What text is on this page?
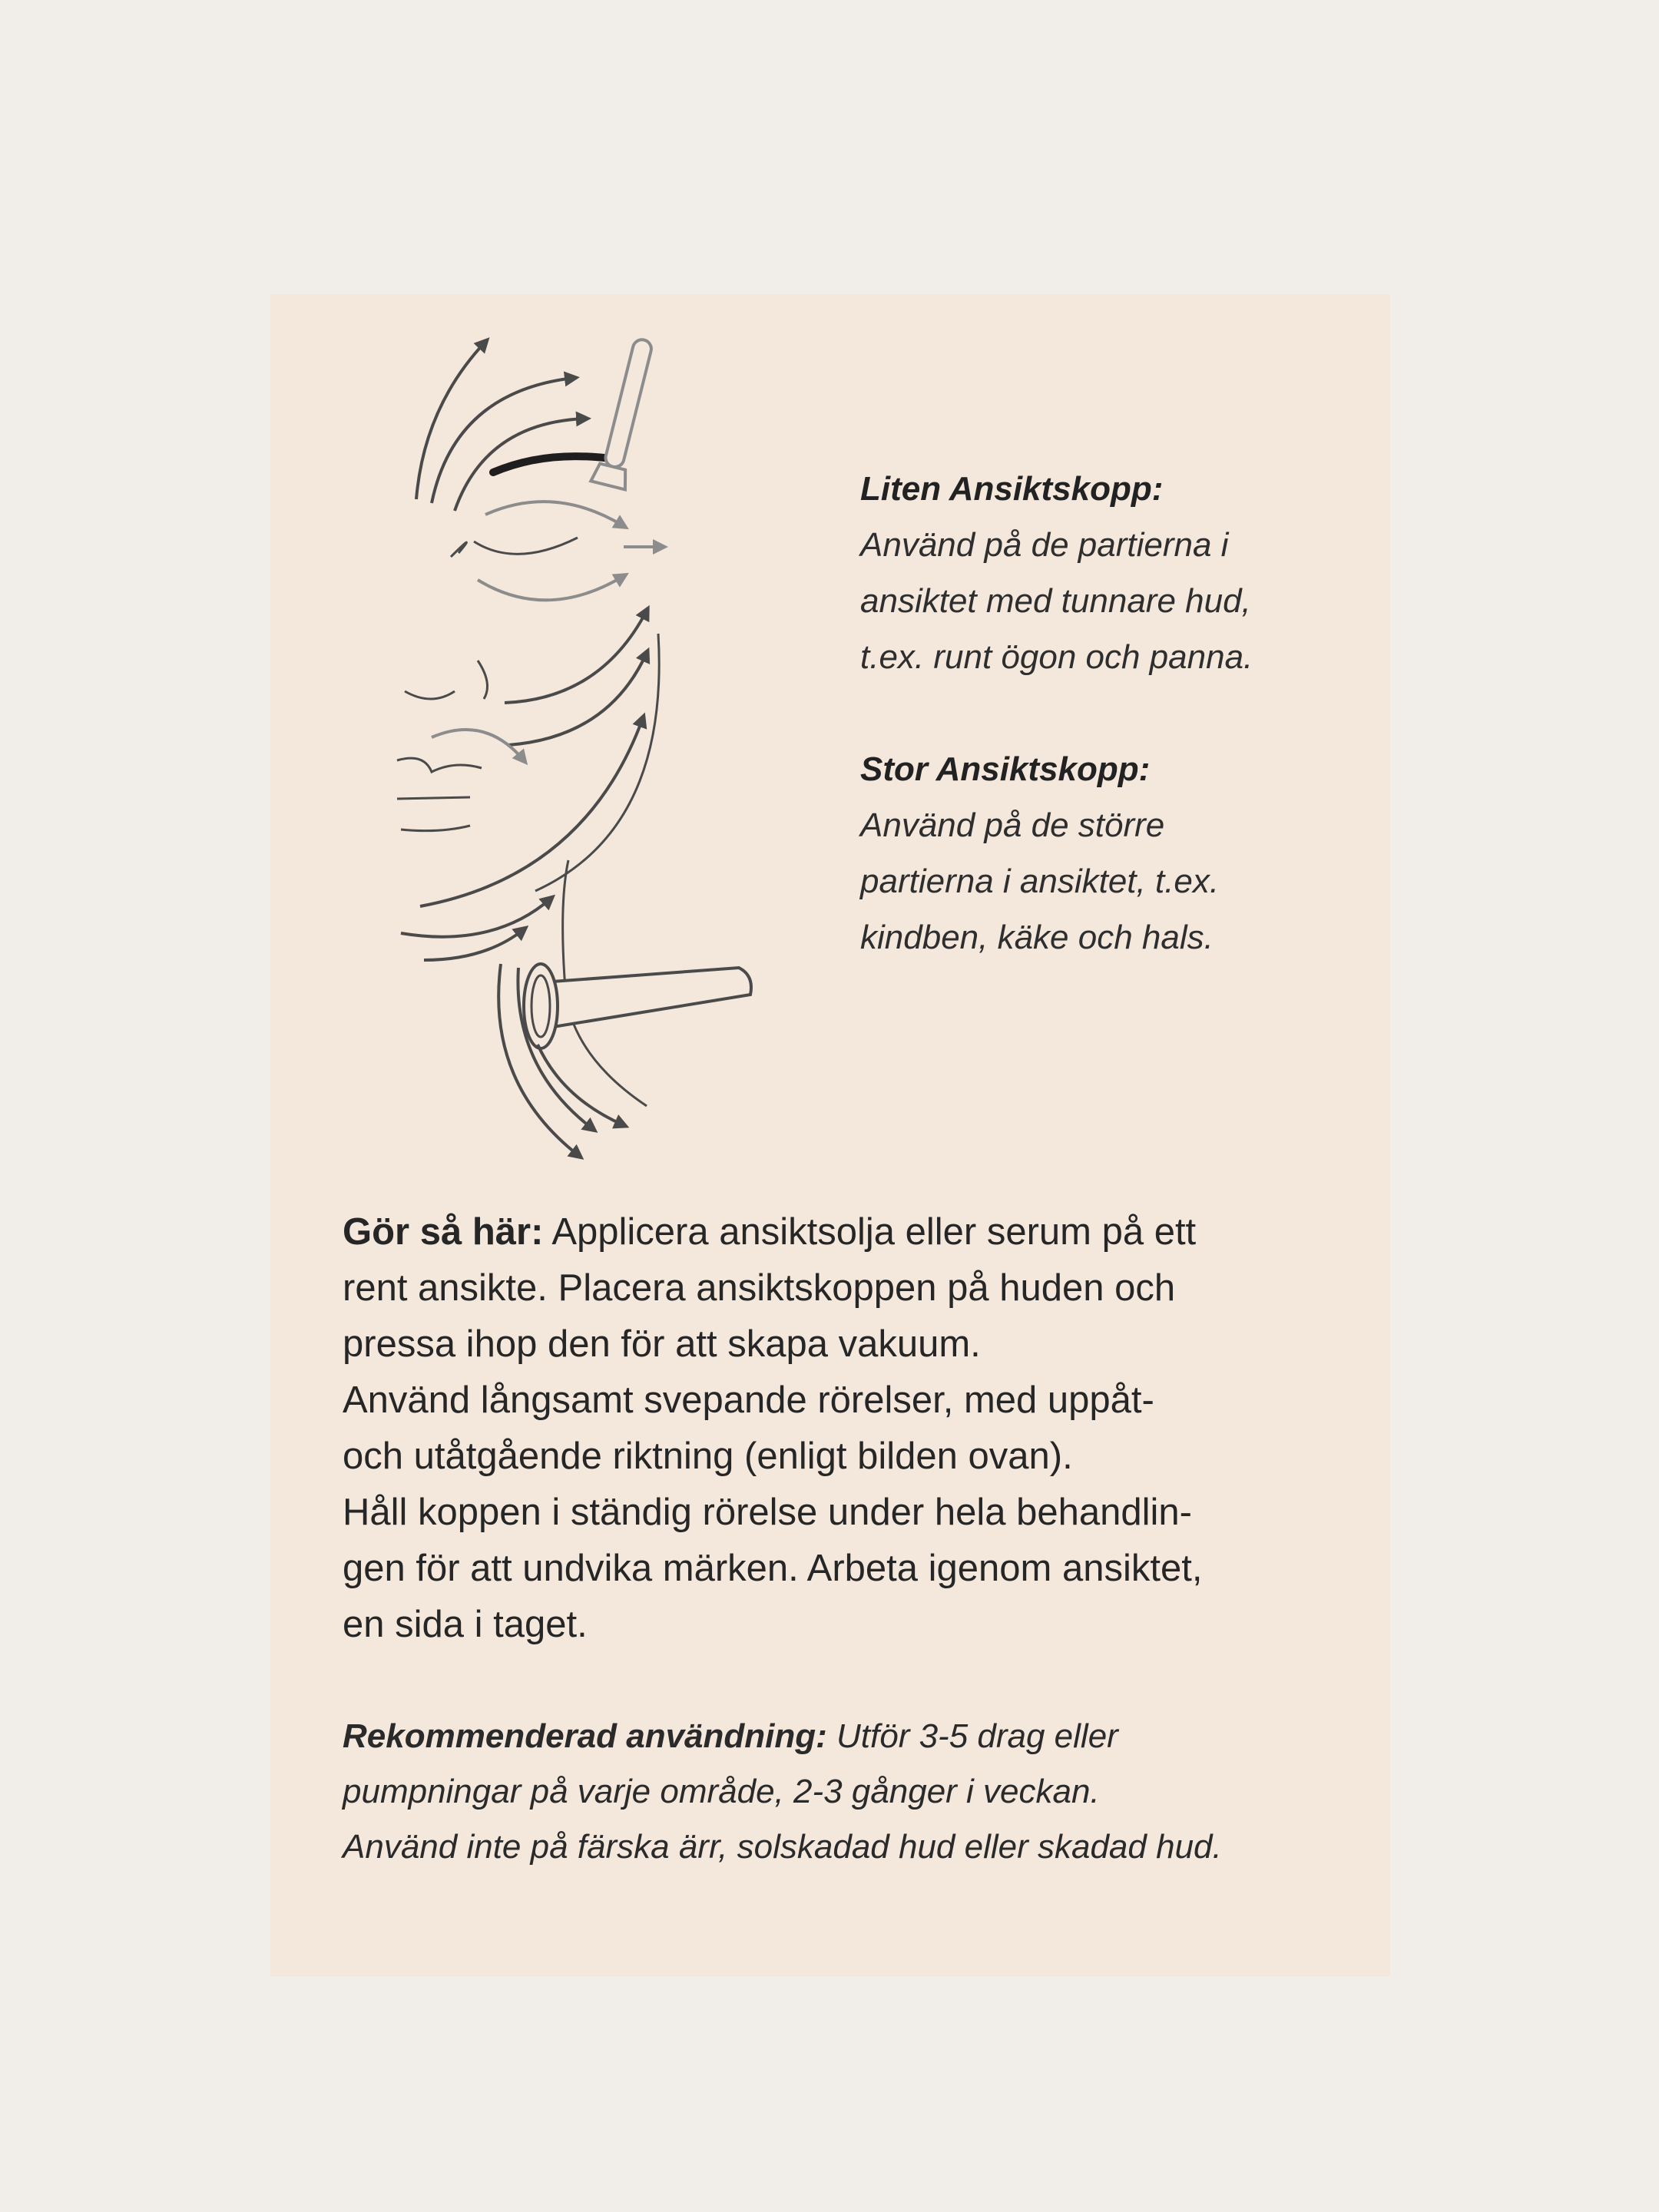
Liten Ansiktskopp:
Använd på de partierna i
ansiktet med tunnare hud,
t.ex. runt ögon och panna.
Stor Ansiktskopp:
Använd på de större
partierna i ansiktet, t.ex.
kindben, käke och hals.
Gör så här: Applicera ansiktsolja eller serum på ett
rent ansikte. Placera ansiktskoppen på huden och
pressa ihop den för att skapa vakuum.
Använd långsamt svepande rörelser, med uppåt-
och utåtgående riktning (enligt bilden ovan).
Håll koppen i ständig rörelse under hela behandlin-
gen för att undvika märken. Arbeta igenom ansiktet,
en sida i taget.
Rekommenderad användning: Utför 3-5 drag eller
pumpningar på varje område, 2-3 gånger i veckan.
Använd inte på färska ärr, solskadad hud eller skadad hud.
